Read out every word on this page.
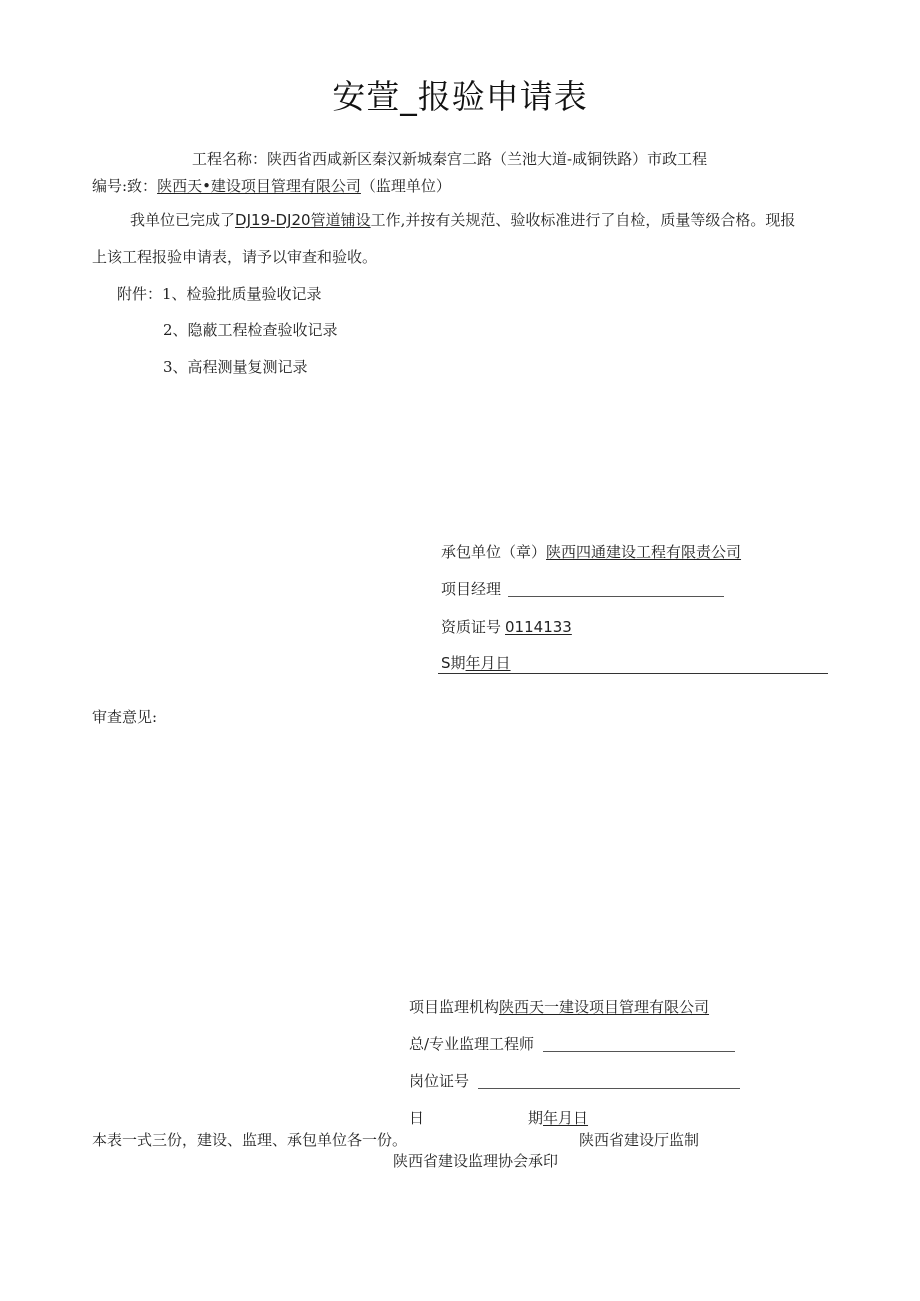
安萱_报验申请表
工程名称：陕西省西咸新区秦汉新城秦宫二路（兰池大道-咸铜铁路）市政工程
编号:致：陕西天•建设项目管理有限公司（监理单位）
我单位已完成了DJ19-DJ20管道铺设工作,并按有关规范、验收标准进行了自检，质量等级合格。现报
上该工程报验申请表，请予以审查和验收。
附件：1、检验批质量验收记录
2、隐蔽工程检查验收记录
3、高程测量复测记录
承包单位（章）陕西四通建设工程有限责公司
项目经理
资质证号 0114133
S期年月日
审查意见:
项目监理机构陕西天一建设项目管理有限公司
总/专业监理工程师
岗位证号
日	期年月日
本表一式三份，建设、监理、承包单位各一份。	陕西省建设厅监制
陕西省建设监理协会承印
